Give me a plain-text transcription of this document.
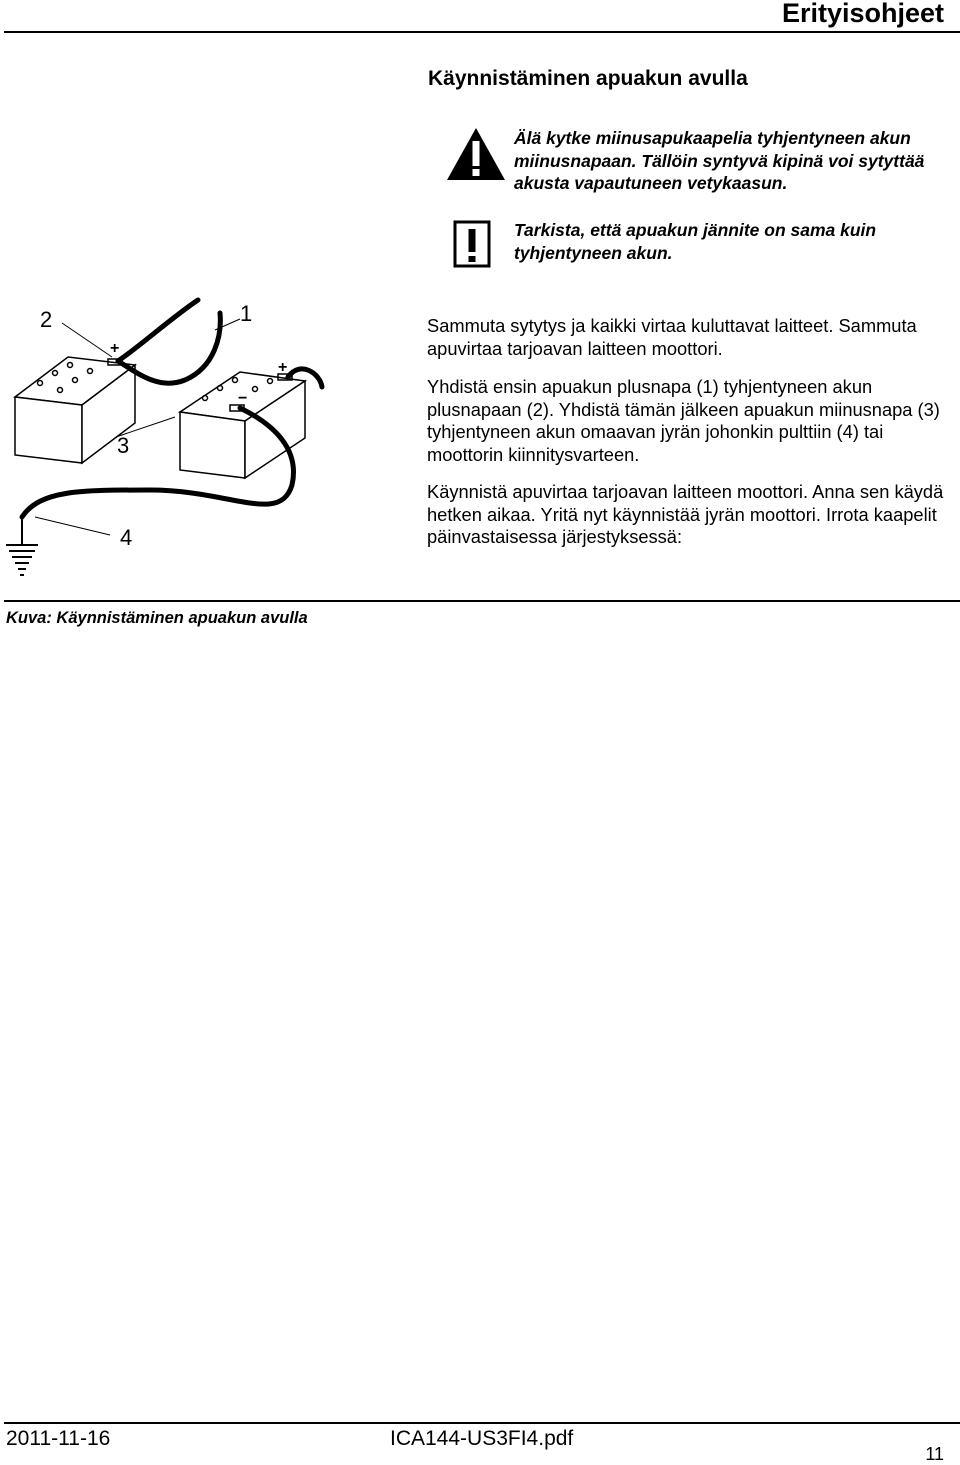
Erityisohjeet
Käynnistäminen apuakun avulla
Älä kytke miinusapukaapelia tyhjentyneen akun miinusnapaan. Tällöin syntyvä kipinä voi sytyttää akusta vapautuneen vetykaasun.
Tarkista, että apuakun jännite on sama kuin tyhjentyneen akun.
Sammuta sytytys ja kaikki virtaa kuluttavat laitteet. Sammuta apuvirtaa tarjoavan laitteen moottori.
Yhdistä ensin apuakun plusnapa (1) tyhjentyneen akun plusnapaan (2). Yhdistä tämän jälkeen apuakun miinusnapa (3) tyhjentyneen akun omaavan jyrän johonkin pulttiin (4) tai moottorin kiinnitysvarteen.
Käynnistä apuvirtaa tarjoavan laitteen moottori. Anna sen käydä hetken aikaa. Yritä nyt käynnistää jyrän moottori. Irrota kaapelit päinvastaisessa järjestyksessä:
+
+
−
2	1
3
4
Kuva: Käynnistäminen apuakun avulla
2011-11-16	ICA144-US3FI4.pdf
11
